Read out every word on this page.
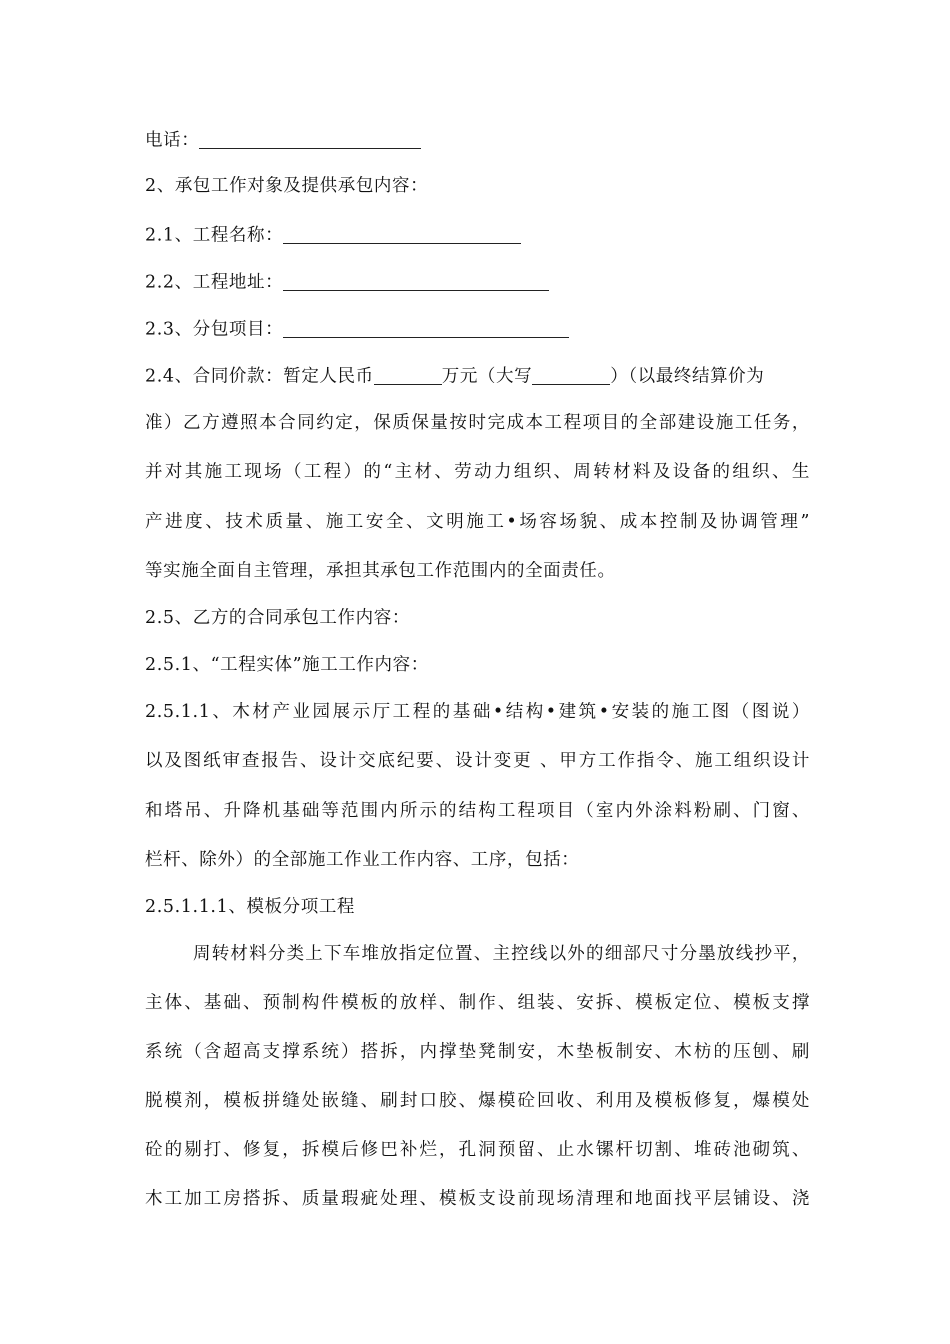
电话：
2、承包工作对象及提供承包内容：
2.1、工程名称：
2.2、工程地址：
2.3、分包项目：
2.4、合同价款：暂定人民币	万元（大写	）（以最终结算价为
准）乙方遵照本合同约定，保质保量按时完成本工程项目的全部建设施工任务，
并对其施工现场（工程）的“主材、劳动力组织、周转材料及设备的组织、生
产进度、技术质量、施工安全、文明施工•场容场貌、成本控制及协调管理”
等实施全面自主管理，承担其承包工作范围内的全面责任。
2.5、乙方的合同承包工作内容：
2.5.1、“工程实体”施工工作内容：
2.5.1.1、木材产业园展示厅工程的基础•结构•建筑•安装的施工图（图说）
以及图纸审查报告、设计交底纪要、设计变更 、甲方工作指令、施工组织设计
和塔吊、升降机基础等范围内所示的结构工程项目（室内外涂料粉刷、门窗、
栏杆、除外）的全部施工作业工作内容、工序，包括：
2.5.1.1.1、模板分项工程
周转材料分类上下车堆放指定位置、主控线以外的细部尺寸分墨放线抄平，
主体、基础、预制构件模板的放样、制作、组装、安拆、模板定位、模板支撑
系统（含超高支撑系统）搭拆，内撑垫凳制安，木垫板制安、木枋的压刨、刷
脱模剂，模板拼缝处嵌缝、刷封口胶、爆模砼回收、利用及模板修复，爆模处
砼的剔打、修复，拆模后修巴补烂，孔洞预留、止水镙杆切割、堆砖池砌筑、
木工加工房搭拆、质量瑕疵处理、模板支设前现场清理和地面找平层铺设、浇
